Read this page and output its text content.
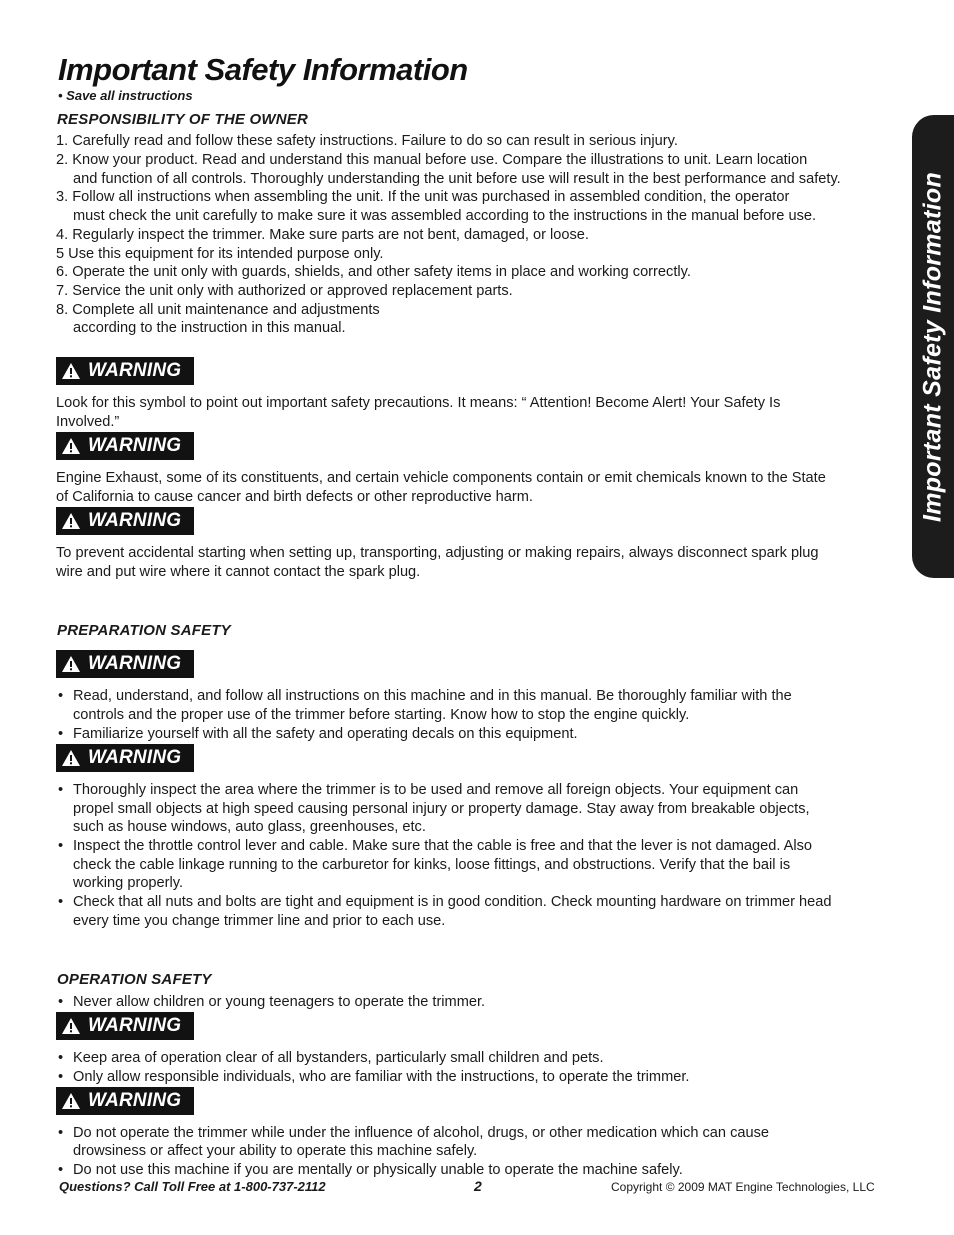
Important Safety Information
• Save all instructions
Important Safety Information
RESPONSIBILITY OF THE OWNER
1. Carefully read and follow these safety instructions. Failure to do so can result in serious injury.
2. Know your product. Read and understand this manual before use. Compare the illustrations to unit. Learn location
and function of all controls. Thoroughly understanding the unit before use will result in the best performance and safety.
3. Follow all instructions when assembling the unit. If the unit was purchased in assembled condition, the operator
must check the unit carefully to make sure it was assembled according to the instructions in the manual before use.
4. Regularly inspect the trimmer. Make sure parts are not bent, damaged, or loose.
5 Use this equipment for its intended purpose only.
6. Operate the unit only with guards, shields, and other safety items in place and working correctly.
7. Service the unit only with authorized or approved replacement parts.
8. Complete all unit maintenance and adjustments
according to the instruction in this manual.
WARNING
Look for this symbol to point out important safety precautions. It means: “ Attention! Become Alert! Your Safety Is
Involved.”
WARNING
Engine Exhaust, some of its constituents, and certain vehicle components contain or emit chemicals known to the State
of California to cause cancer and birth defects or other reproductive harm.
WARNING
To prevent accidental starting when setting up, transporting, adjusting or making repairs, always disconnect spark plug
wire and put wire where it cannot contact the spark plug.
PREPARATION SAFETY
WARNING
• Read, understand, and follow all instructions on this machine and in this manual. Be thoroughly familiar with the
controls and the proper use of the trimmer before starting. Know how to stop the engine quickly.
• Familiarize yourself with all the safety and operating decals on this equipment.
WARNING
• Thoroughly inspect the area where the trimmer is to be used and remove all foreign objects. Your equipment can
propel small objects at high speed causing personal injury or property damage. Stay away from breakable objects,
such as house windows, auto glass, greenhouses, etc.
• Inspect the throttle control lever and cable. Make sure that the cable is free and that the lever is not damaged. Also
check the cable linkage running to the carburetor for kinks, loose fittings, and obstructions. Verify that the bail is
working properly.
• Check that all nuts and bolts are tight and equipment is in good condition. Check mounting hardware on trimmer head
every time you change trimmer line and prior to each use.
OPERATION SAFETY
• Never allow children or young teenagers to operate the trimmer.
WARNING
• Keep area of operation clear of all bystanders, particularly small children and pets.
• Only allow responsible individuals, who are familiar with the instructions, to operate the trimmer.
WARNING
• Do not operate the trimmer while under the influence of alcohol, drugs, or other medication which can cause
drowsiness or affect your ability to operate this machine safely.
• Do not use this machine if you are mentally or physically unable to operate the machine safely.
Questions? Call Toll Free at 1-800-737-2112	2	Copyright © 2009 MAT Engine Technologies, LLC
